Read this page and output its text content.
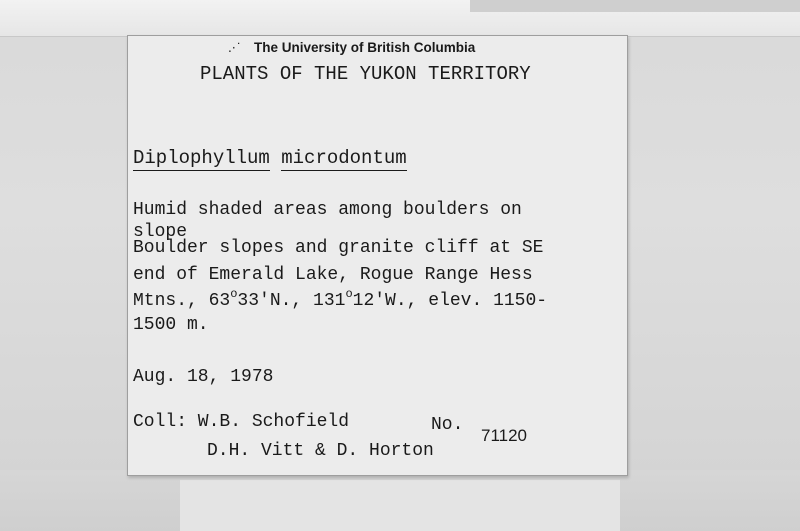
.·˙ The University of British Columbia
PLANTS OF THE YUKON TERRITORY
Diplophyllum microdontum
Humid shaded areas among boulders on
slope
Boulder slopes and granite cliff at SE
end of Emerald Lake, Rogue Range Hess
Mtns., 63$^o$33'N., 131$^o$12'W., elev. 1150-
1500 m.
Aug. 18, 1978
Coll: W.B. Schofield
D.H. Vitt & D. Horton
No.
71120
